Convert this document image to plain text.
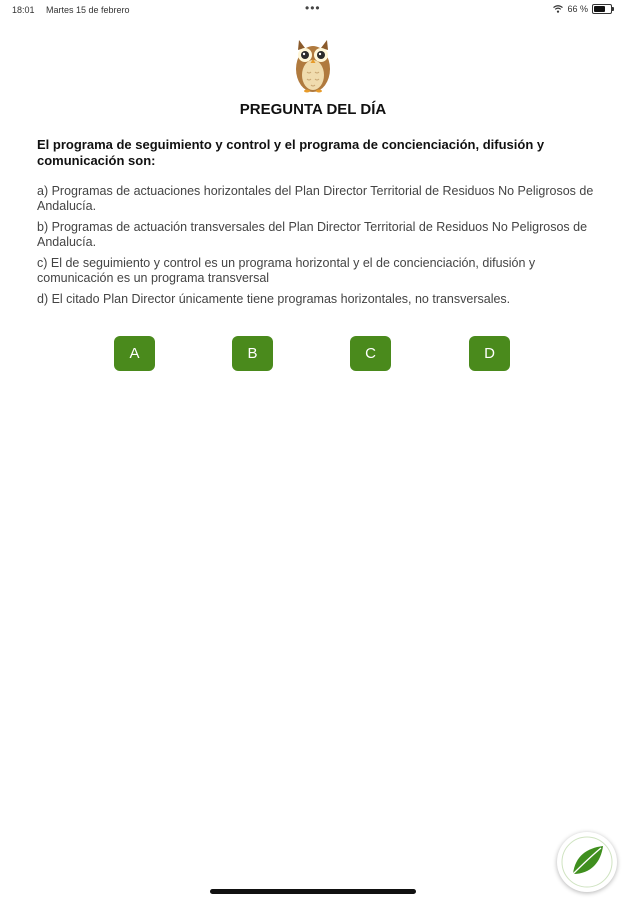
18:01 Martes 15 de febrero	•••	66 %
PREGUNTA DEL DÍA
El programa de seguimiento y control y el programa de concienciación, difusión y comunicación son:

a) Programas de actuaciones horizontales del Plan Director Territorial de Residuos No Peligrosos de Andalucía.

b) Programas de actuación transversales del Plan Director Territorial de Residuos No Peligrosos de Andalucía.

c) El de seguimiento y control es un programa horizontal y el de concienciación, difusión y comunicación es un programa transversal

d) El citado Plan Director únicamente tiene programas horizontales, no transversales.

A	B	C	D
